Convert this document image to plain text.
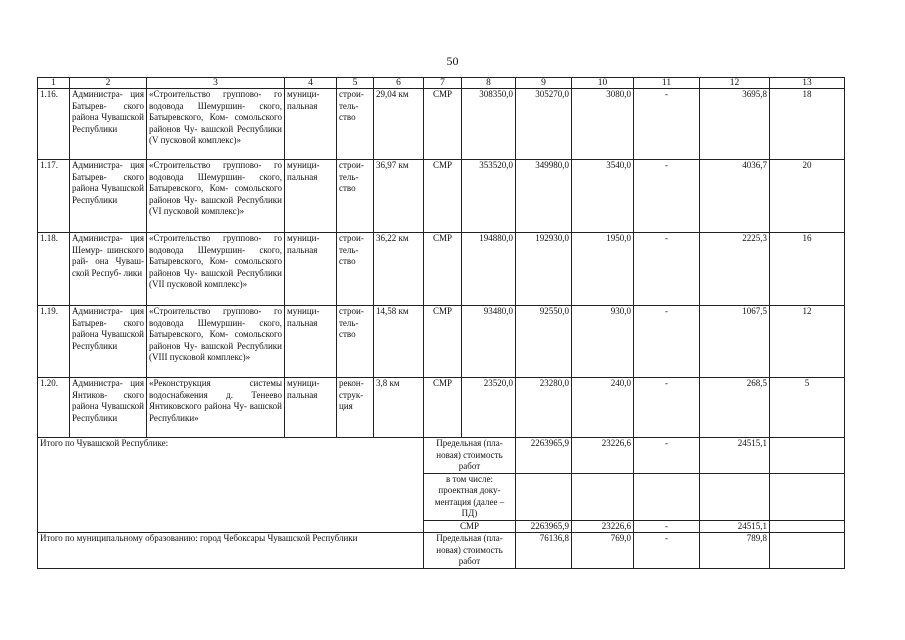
50
1	2	3	4	5	6	7	8	9	10	11	12	13
1.16.	Администра- ция Батырев- ского района Чувашской Республики	«Строительство группово- го водовода Шемуршин- ского, Батыревского, Ком- сомольского районов Чу- вашской Республики (V пусковой комплекс)»	муници- пальная	строи- тель- ство	29,04 км	СМР	308350,0	305270,0	3080,0	-	3695,8	18
1.17.	Администра- ция Батырев- ского района Чувашской Республики	«Строительство группово- го водовода Шемуршин- ского, Батыревского, Ком- сомольского районов Чу- вашской Республики (VI пусковой комплекс)»	муници- пальная	строи- тель- ство	36,97 км	СМР	353520,0	349980,0	3540,0	-	4036,7	20
1.18.	Администра- ция Шемур- шинского рай- она Чуваш- ской Респуб- лики	«Строительство группово- го водовода Шемуршин- ского, Батыревского, Ком- сомольского районов Чу- вашской Республики (VII пусковой комплекс)»	муници- пальная	строи- тель- ство	36,22 км	СМР	194880,0	192930,0	1950,0	-	2225,3	16
1.19.	Администра- ция Батырев- ского района Чувашской Республики	«Строительство группово- го водовода Шемуршин- ского, Батыревского, Ком- сомольского районов Чу- вашской Республики (VIII пусковой комплекс)»	муници- пальная	строи- тель- ство	14,58 км	СМР	93480,0	92550,0	930,0	-	1067,5	12
1.20.	Администра- ция Янтиков- ского района Чувашской Республики	«Реконструкция системы водоснабжения д. Тенеево Янтиковского района Чу- вашской Республики»	муници- пальная	рекон- струк- ция	3,8 км	СМР	23520,0	23280,0	240,0	-	268,5	5
Итого по Чувашской Республике:						Предельная (пла- новая) стоимость работ		2263965,9	23226,6	-	24515,1	
						в том числе: проектная доку- ментация (далее – ПД)						
						СМР		2263965,9	23226,6	-	24515,1	
Итого по муниципальному образованию: город Чебоксары Чувашской Республики						Предельная (пла- новая) стоимость работ		76136,8	769,0	-	789,8	
